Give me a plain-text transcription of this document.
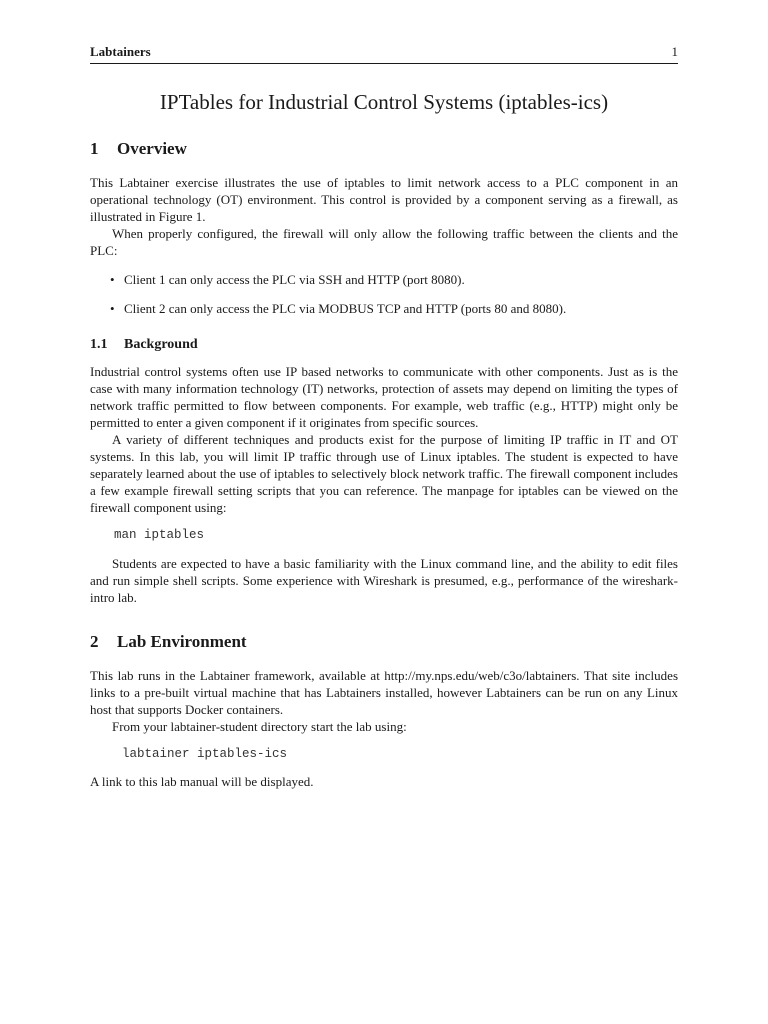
Labtainers	1
IPTables for Industrial Control Systems (iptables-ics)
1 Overview

This Labtainer exercise illustrates the use of iptables to limit network access to a PLC component in an operational technology (OT) environment. This control is provided by a component serving as a firewall, as illustrated in Figure 1.

When properly configured, the firewall will only allow the following traffic between the clients and the PLC:

• Client 1 can only access the PLC via SSH and HTTP (port 8080).
• Client 2 can only access the PLC via MODBUS TCP and HTTP (ports 80 and 8080).
1.1 Background

Industrial control systems often use IP based networks to communicate with other components. Just as is the case with many information technology (IT) networks, protection of assets may depend on limiting the types of network traffic permitted to flow between components. For example, web traffic (e.g., HTTP) might only be permitted to enter a given component if it originates from specific sources.

A variety of different techniques and products exist for the purpose of limiting IP traffic in IT and OT systems. In this lab, you will limit IP traffic through use of Linux iptables. The student is expected to have separately learned about the use of iptables to selectively block network traffic. The firewall component includes a few example firewall setting scripts that you can reference. The manpage for iptables can be viewed on the firewall component using:

man iptables

Students are expected to have a basic familiarity with the Linux command line, and the ability to edit files and run simple shell scripts. Some experience with Wireshark is presumed, e.g., performance of the wireshark-intro lab.

2 Lab Environment

This lab runs in the Labtainer framework, available at http://my.nps.edu/web/c3o/labtainers. That site includes links to a pre-built virtual machine that has Labtainers installed, however Labtainers can be run on any Linux host that supports Docker containers.

From your labtainer-student directory start the lab using:

labtainer iptables-ics

A link to this lab manual will be displayed.
